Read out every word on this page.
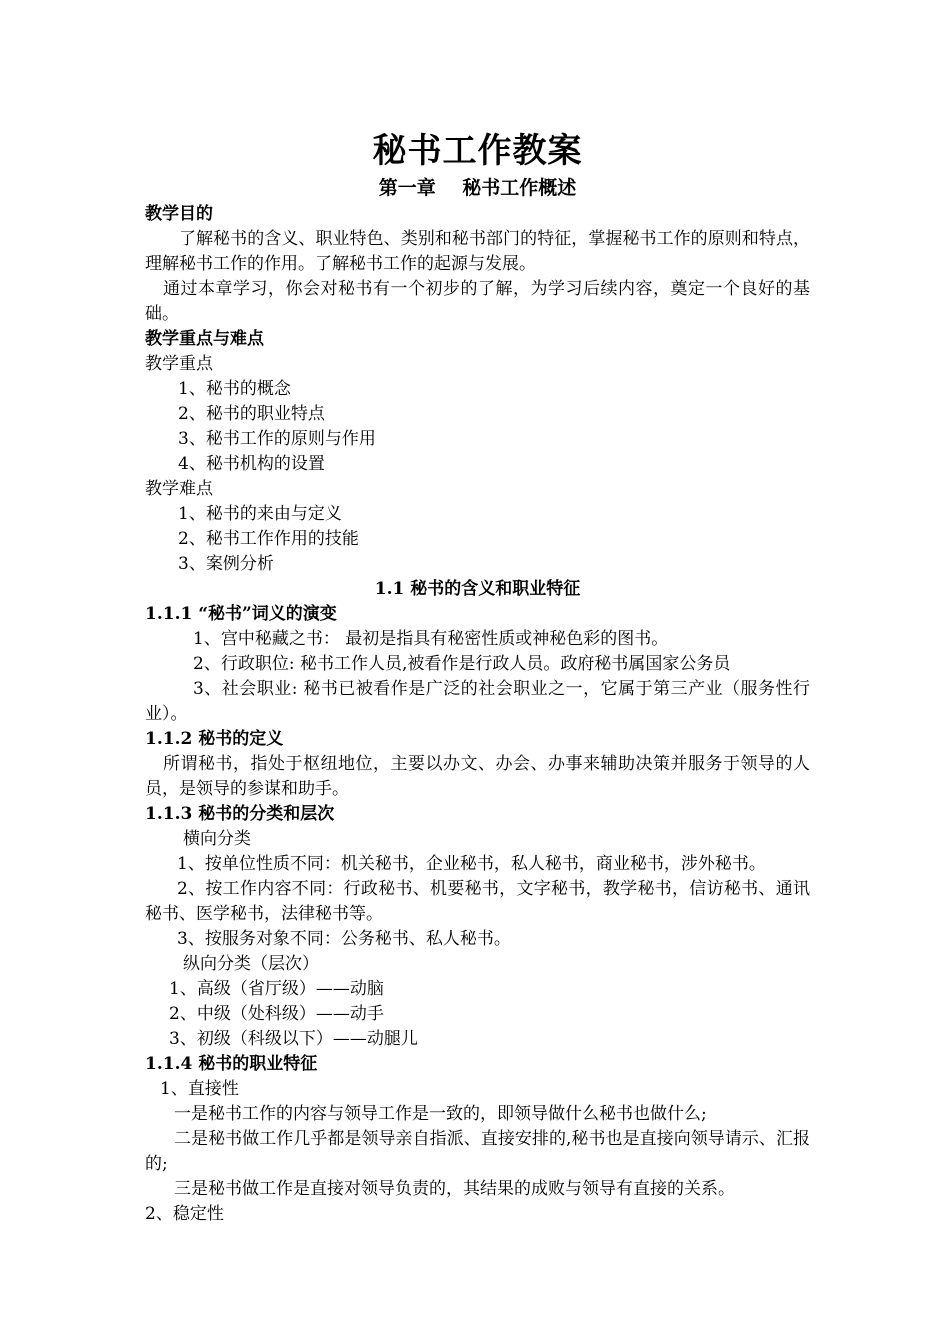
秘书工作教案
第一章    秘书工作概述
教学目的

了解秘书的含义、职业特色、类别和秘书部门的特征，掌握秘书工作的原则和特点，理解秘书工作的作用。了解秘书工作的起源与发展。

通过本章学习，你会对秘书有一个初步的了解，为学习后续内容，奠定一个良好的基础。

教学重点与难点
教学重点
1、秘书的概念
2、秘书的职业特点
3、秘书工作的原则与作用
4、秘书机构的设置
教学难点
1、秘书的来由与定义
2、秘书工作作用的技能
3、案例分析
1.1 秘书的含义和职业特征
1.1.1 “秘书”词义的演变
1、宫中秘藏之书： 最初是指具有秘密性质或神秘色彩的图书。
2、行政职位: 秘书工作人员,被看作是行政人员。政府秘书属国家公务员

3、社会职业: 秘书已被看作是广泛的社会职业之一，它属于第三产业（服务性行业）。

1.1.2 秘书的定义

所谓秘书，指处于枢纽地位，主要以办文、办会、办事来辅助决策并服务于领导的人员，是领导的参谋和助手。

1.1.3 秘书的分类和层次
横向分类
1、按单位性质不同：机关秘书，企业秘书，私人秘书，商业秘书，涉外秘书。

2、按工作内容不同：行政秘书、机要秘书，文字秘书，教学秘书，信访秘书、通讯秘书、医学秘书，法律秘书等。

3、按服务对象不同：公务秘书、私人秘书。
纵向分类（层次）
1、高级（省厅级）——动脑
2、中级（处科级）——动手
3、初级（科级以下）——动腿儿
1.1.4 秘书的职业特征
1、直接性

一是秘书工作的内容与领导工作是一致的，即领导做什么秘书也做什么;

二是秘书做工作几乎都是领导亲自指派、直接安排的,秘书也是直接向领导请示、汇报的;

三是秘书做工作是直接对领导负责的，其结果的成败与领导有直接的关系。

2、稳定性
